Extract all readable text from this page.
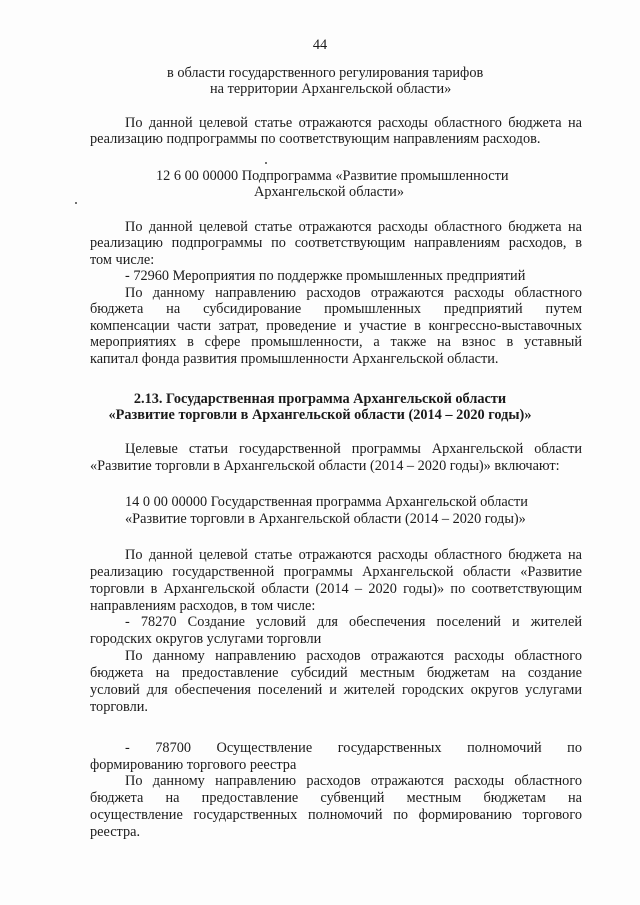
44

в области государственного регулирования тарифов

на территории Архангельской области»

По данной целевой статье отражаются расходы областного бюджета на

реализацию подпрограммы по соответствующим направлениям расходов.

12 6 00 00000 Подпрограмма «Развитие промышленности

Архангельской области»

По данной целевой статье отражаются расходы областного бюджета на

реализацию подпрограммы по соответствующим направлениям расходов, в

том числе:

- 72960 Мероприятия по поддержке промышленных предприятий

По данному направлению расходов отражаются расходы областного

бюджета на субсидирование промышленных предприятий путем

компенсации части затрат, проведение и участие в конгрессно-выставочных

мероприятиях в сфере промышленности, а также на взнос в уставный

капитал фонда развития промышленности Архангельской области.

2.13. Государственная программа Архангельской области

«Развитие торговли в Архангельской области (2014 – 2020 годы)»

Целевые статьи государственной программы Архангельской области

«Развитие торговли в Архангельской области (2014 – 2020 годы)» включают:

14 0 00 00000 Государственная программа Архангельской области

«Развитие торговли в Архангельской области (2014 – 2020 годы)»

По данной целевой статье отражаются расходы областного бюджета на

реализацию государственной программы Архангельской области «Развитие

торговли в Архангельской области (2014 – 2020 годы)» по соответствующим

направлениям расходов, в том числе:

- 78270 Создание условий для обеспечения поселений и жителей

городских округов услугами торговли

По данному направлению расходов отражаются расходы областного

бюджета на предоставление субсидий местным бюджетам на создание

условий для обеспечения поселений и жителей городских округов услугами

торговли.

- 78700 Осуществление государственных полномочий по

формированию торгового реестра

По данному направлению расходов отражаются расходы областного

бюджета на предоставление субвенций местным бюджетам на

осуществление государственных полномочий по формированию торгового

реестра.
